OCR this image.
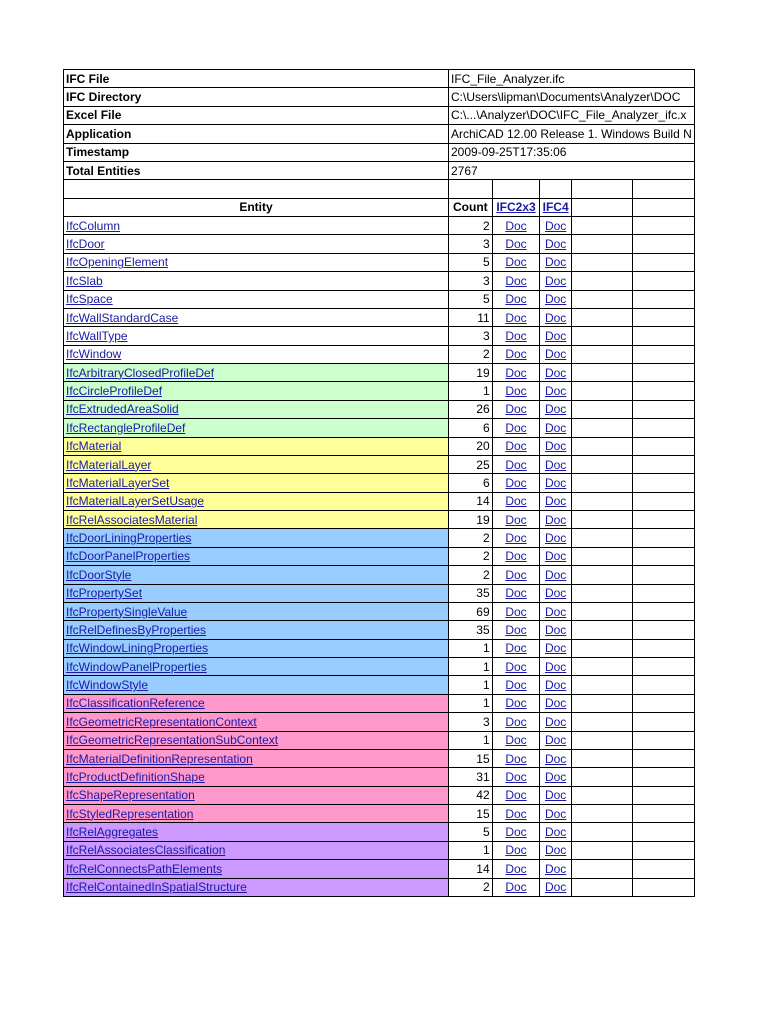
IFC File	IFC_File_Analyzer.ifc				
IFC Directory	C:\Users\lipman\Documents\Analyzer\DOC				
Excel File	C:\...\Analyzer\DOC\IFC_File_Analyzer_ifc.x				
Application	ArchiCAD 12.00 Release 1. Windows Build N				
Timestamp	2009-09-25T17:35:06				
Total Entities	2767				

Entity	Count	IFC2x3	IFC4		
IfcColumn	2	Doc	Doc		
IfcDoor	3	Doc	Doc		
IfcOpeningElement	5	Doc	Doc		
IfcSlab	3	Doc	Doc		
IfcSpace	5	Doc	Doc		
IfcWallStandardCase	11	Doc	Doc		
IfcWallType	3	Doc	Doc		
IfcWindow	2	Doc	Doc		
IfcArbitraryClosedProfileDef	19	Doc	Doc		
IfcCircleProfileDef	1	Doc	Doc		
IfcExtrudedAreaSolid	26	Doc	Doc		
IfcRectangleProfileDef	6	Doc	Doc		
IfcMaterial	20	Doc	Doc		
IfcMaterialLayer	25	Doc	Doc		
IfcMaterialLayerSet	6	Doc	Doc		
IfcMaterialLayerSetUsage	14	Doc	Doc		
IfcRelAssociatesMaterial	19	Doc	Doc		
IfcDoorLiningProperties	2	Doc	Doc		
IfcDoorPanelProperties	2	Doc	Doc		
IfcDoorStyle	2	Doc	Doc		
IfcPropertySet	35	Doc	Doc		
IfcPropertySingleValue	69	Doc	Doc		
IfcRelDefinesByProperties	35	Doc	Doc		
IfcWindowLiningProperties	1	Doc	Doc		
IfcWindowPanelProperties	1	Doc	Doc		
IfcWindowStyle	1	Doc	Doc		
IfcClassificationReference	1	Doc	Doc		
IfcGeometricRepresentationContext	3	Doc	Doc		
IfcGeometricRepresentationSubContext	1	Doc	Doc		
IfcMaterialDefinitionRepresentation	15	Doc	Doc		
IfcProductDefinitionShape	31	Doc	Doc		
IfcShapeRepresentation	42	Doc	Doc		
IfcStyledRepresentation	15	Doc	Doc		
IfcRelAggregates	5	Doc	Doc		
IfcRelAssociatesClassification	1	Doc	Doc		
IfcRelConnectsPathElements	14	Doc	Doc		
IfcRelContainedInSpatialStructure	2	Doc	Doc		
